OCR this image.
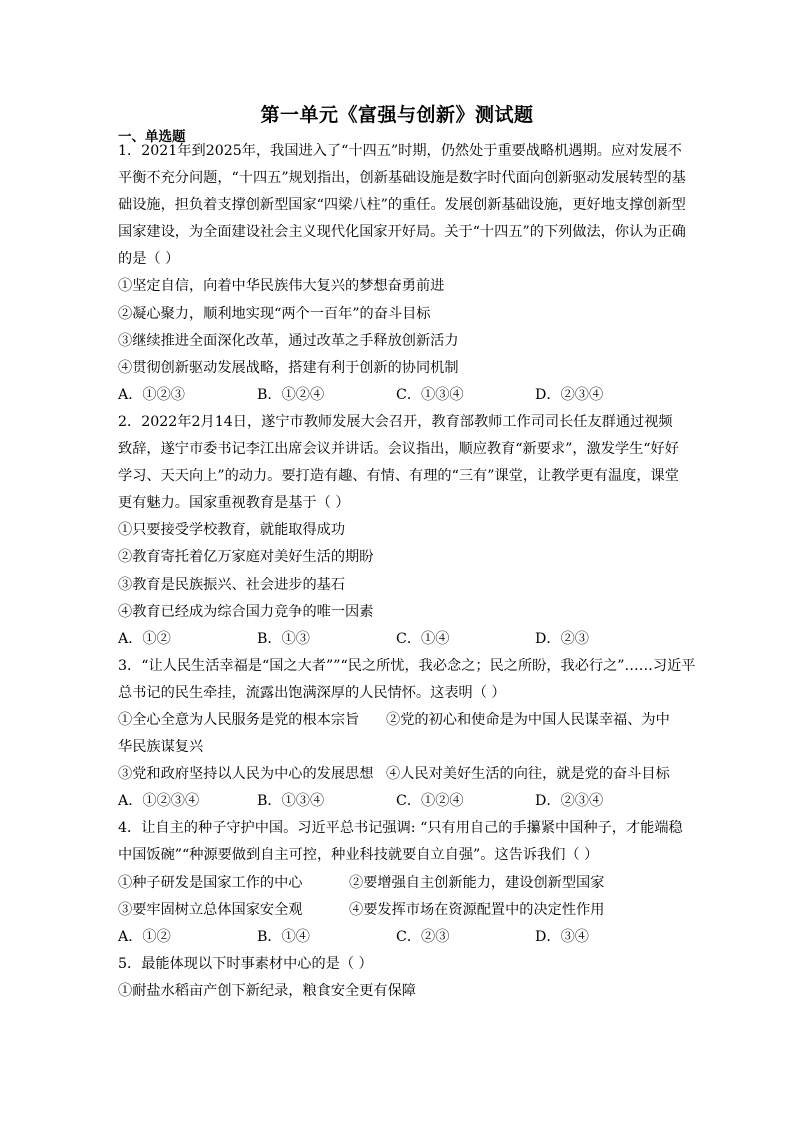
第一单元《富强与创新》测试题
一、单选题
1．2021年到2025年，我国进入了“十四五”时期，仍然处于重要战略机遇期。应对发展不
平衡不充分问题，“十四五”规划指出，创新基础设施是数字时代面向创新驱动发展转型的基
础设施，担负着支撑创新型国家“四梁八柱”的重任。发展创新基础设施，更好地支撑创新型
国家建设，为全面建设社会主义现代化国家开好局。关于“十四五”的下列做法，你认为正确
的是（ ）
①坚定自信，向着中华民族伟大复兴的梦想奋勇前进
②凝心聚力，顺利地实现“两个一百年”的奋斗目标
③继续推进全面深化改革，通过改革之手释放创新活力
④贯彻创新驱动发展战略，搭建有利于创新的协同机制
A．①②③	B．①②④	C．①③④	D．②③④
2．2022年2月14日，遂宁市教师发展大会召开，教育部教师工作司司长任友群通过视频
致辞，遂宁市委书记李江出席会议并讲话。会议指出，顺应教育“新要求”，激发学生“好好
学习、天天向上”的动力。要打造有趣、有情、有理的“三有”课堂，让教学更有温度，课堂
更有魅力。国家重视教育是基于（ ）
①只要接受学校教育，就能取得成功
②教育寄托着亿万家庭对美好生活的期盼
③教育是民族振兴、社会进步的基石
④教育已经成为综合国力竞争的唯一因素
A．①②	B．①③	C．①④	D．②③
3．“让人民生活幸福是“国之大者””“民之所忧，我必念之；民之所盼，我必行之”……习近平
总书记的民生牵挂，流露出饱满深厚的人民情怀。这表明（ ）
①全心全意为人民服务是党的根本宗旨	②党的初心和使命是为中国人民谋幸福、为中
华民族谋复兴
③党和政府坚持以人民为中心的发展思想 ④人民对美好生活的向往，就是党的奋斗目标
A．①②③④	B．①③④	C．①②④	D．②③④
4．让自主的种子守护中国。习近平总书记强调: “只有用自己的手攥紧中国种子，才能端稳
中国饭碗”“种源要做到自主可控，种业科技就要自立自强”。这告诉我们（ ）
①种子研发是国家工作的中心	②要增强自主创新能力，建设创新型国家
③要牢固树立总体国家安全观	④要发挥市场在资源配置中的决定性作用
A．①②	B．①④	C．②③	D．③④
5．最能体现以下时事素材中心的是（ ）
①耐盐水稻亩产创下新纪录，粮食安全更有保障
